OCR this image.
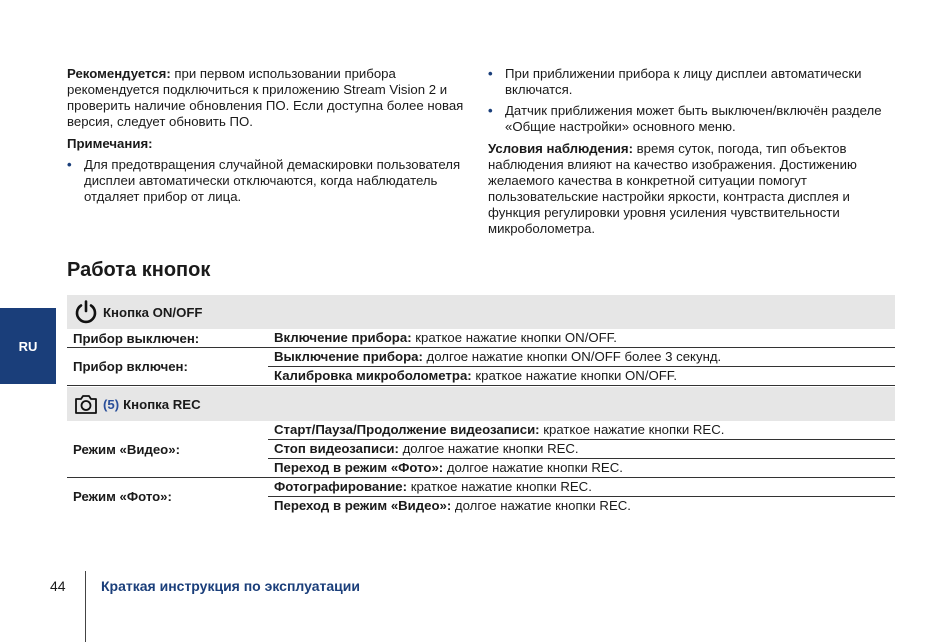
Рекомендуется: при первом использовании прибора рекомендуется подключиться к приложению Stream Vision 2 и проверить наличие обновления ПО. Если доступна более новая версия, следует обновить ПО.

Примечания:

• Для предотвращения случайной демаскировки пользователя дисплеи автоматически отключаются, когда наблюдатель отдаляет прибор от лица.

• При приближении прибора к лицу дисплеи автоматически включатся.

• Датчик приближения может быть выключен/включён разделе «Общие настройки» основного меню.

Условия наблюдения: время суток, погода, тип объектов наблюдения влияют на качество изображения. Достижению желаемого качества в конкретной ситуации помогут пользовательские настройки яркости, контраста дисплея и функция регулировки уровня усиления чувствительности микроболометра.

Работа кнопок
RU
Кнопка ON/OFF
Прибор выключен:	Включение прибора: краткое нажатие кнопки ON/OFF.
Прибор включен:
Выключение прибора: долгое нажатие кнопки ON/OFF более 3 секунд.
Калибровка микроболометра: краткое нажатие кнопки ON/OFF.
(5) Кнопка REC
Режим «Видео»:
Старт/Пауза/Продолжение видеозаписи: краткое нажатие кнопки REC.
Стоп видеозаписи: долгое нажатие кнопки REC.
Переход в режим «Фото»: долгое нажатие кнопки REC.
Режим «Фото»:
Фотографирование: краткое нажатие кнопки REC.
Переход в режим «Видео»: долгое нажатие кнопки REC.
44	Краткая инструкция по эксплуатации
